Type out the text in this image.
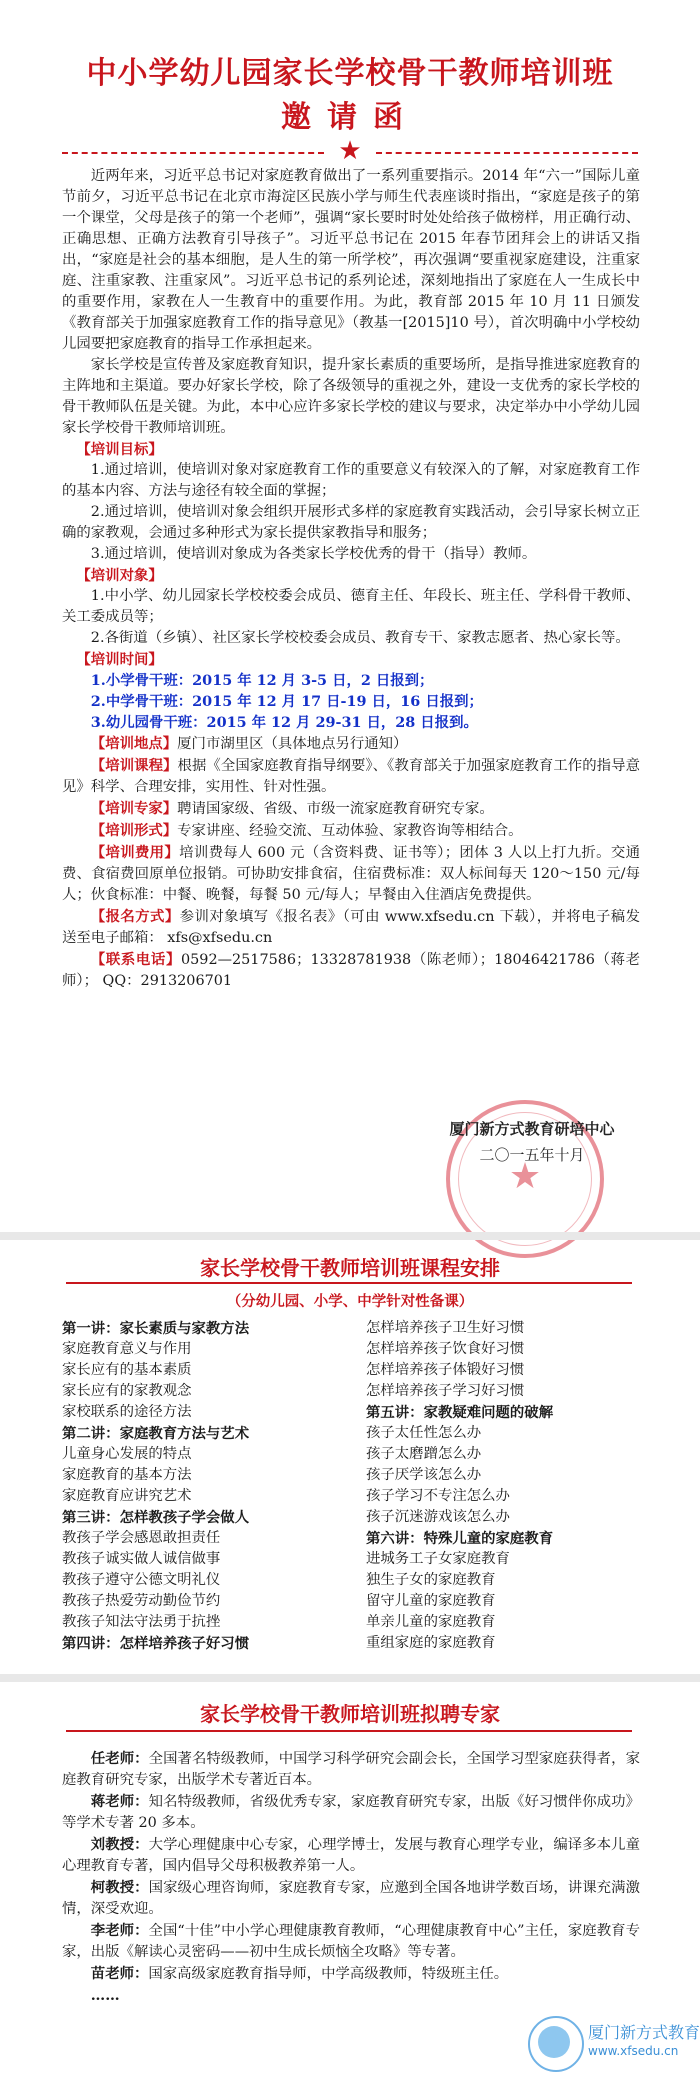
中小学幼儿园家长学校骨干教师培训班
邀请函
★

近两年来，习近平总书记对家庭教育做出了一系列重要指示。2014 年“六一”国际儿童节前夕，习近平总书记在北京市海淀区民族小学与师生代表座谈时指出，“家庭是孩子的第一个课堂，父母是孩子的第一个老师”，强调“家长要时时处处给孩子做榜样，用正确行动、正确思想、正确方法教育引导孩子”。习近平总书记在 2015 年春节团拜会上的讲话又指出，“家庭是社会的基本细胞，是人生的第一所学校”，再次强调“要重视家庭建设，注重家庭、注重家教、注重家风”。习近平总书记的系列论述，深刻地指出了家庭在人一生成长中的重要作用，家教在人一生教育中的重要作用。为此，教育部 2015 年 10 月 11 日颁发《教育部关于加强家庭教育工作的指导意见》（教基一[2015]10 号），首次明确中小学校幼儿园要把家庭教育的指导工作承担起来。

家长学校是宣传普及家庭教育知识，提升家长素质的重要场所，是指导推进家庭教育的主阵地和主渠道。要办好家长学校，除了各级领导的重视之外，建设一支优秀的家长学校的骨干教师队伍是关键。为此，本中心应许多家长学校的建议与要求，决定举办中小学幼儿园家长学校骨干教师培训班。

【培训目标】

1.通过培训，使培训对象对家庭教育工作的重要意义有较深入的了解，对家庭教育工作的基本内容、方法与途径有较全面的掌握；

2.通过培训，使培训对象会组织开展形式多样的家庭教育实践活动，会引导家长树立正确的家教观，会通过多种形式为家长提供家教指导和服务；

3.通过培训，使培训对象成为各类家长学校优秀的骨干（指导）教师。

【培训对象】

1.中小学、幼儿园家长学校校委会成员、德育主任、年段长、班主任、学科骨干教师、关工委成员等；

2.各街道（乡镇）、社区家长学校校委会成员、教育专干、家教志愿者、热心家长等。

【培训时间】

1.小学骨干班：2015 年 12 月 3-5 日，2 日报到；

2.中学骨干班：2015 年 12 月 17 日-19 日，16 日报到；

3.幼儿园骨干班：2015 年 12 月 29-31 日，28 日报到。

【培训地点】厦门市湖里区（具体地点另行通知）

【培训课程】根据《全国家庭教育指导纲要》、《教育部关于加强家庭教育工作的指导意见》科学、合理安排，实用性、针对性强。

【培训专家】聘请国家级、省级、市级一流家庭教育研究专家。

【培训形式】专家讲座、经验交流、互动体验、家教咨询等相结合。

【培训费用】培训费每人 600 元（含资料费、证书等）；团体 3 人以上打九折。交通费、食宿费回原单位报销。可协助安排食宿，住宿费标准：双人标间每天 120～150 元/每人；伙食标准：中餐、晚餐，每餐 50 元/每人；早餐由入住酒店免费提供。

【报名方式】参训对象填写《报名表》（可由 www.xfsedu.cn 下载），并将电子稿发送至电子邮箱： xfs@xfsedu.cn

【联系电话】0592—2517586；13328781938（陈老师）；18046421786（蒋老师）； QQ：2913206701

★
厦门新方式教育研培中心
二〇一五年十月
家长学校骨干教师培训班课程安排
（分幼儿园、小学、中学针对性备课）
第一讲：家长素质与家教方法
家庭教育意义与作用
家长应有的基本素质
家长应有的家教观念
家校联系的途径方法
第二讲：家庭教育方法与艺术
儿童身心发展的特点
家庭教育的基本方法
家庭教育应讲究艺术
第三讲：怎样教孩子学会做人
教孩子学会感恩敢担责任
教孩子诚实做人诚信做事
教孩子遵守公德文明礼仪
教孩子热爱劳动勤俭节约
教孩子知法守法勇于抗挫
第四讲：怎样培养孩子好习惯
怎样培养孩子卫生好习惯
怎样培养孩子饮食好习惯
怎样培养孩子体锻好习惯
怎样培养孩子学习好习惯
第五讲：家教疑难问题的破解
孩子太任性怎么办
孩子太磨蹭怎么办
孩子厌学该怎么办
孩子学习不专注怎么办
孩子沉迷游戏该怎么办
第六讲：特殊儿童的家庭教育
进城务工子女家庭教育
独生子女的家庭教育
留守儿童的家庭教育
单亲儿童的家庭教育
重组家庭的家庭教育
家长学校骨干教师培训班拟聘专家

任老师：全国著名特级教师，中国学习科学研究会副会长，全国学习型家庭获得者，家庭教育研究专家，出版学术专著近百本。

蒋老师：知名特级教师，省级优秀专家，家庭教育研究专家，出版《好习惯伴你成功》等学术专著 20 多本。

刘教授：大学心理健康中心专家，心理学博士，发展与教育心理学专业，编译多本儿童心理教育专著，国内倡导父母积极教养第一人。

柯教授：国家级心理咨询师，家庭教育专家，应邀到全国各地讲学数百场，讲课充满激情，深受欢迎。

李老师：全国“十佳”中小学心理健康教育教师，“心理健康教育中心”主任，家庭教育专家，出版《解读心灵密码——初中生成长烦恼全攻略》等专著。

苗老师：国家高级家庭教育指导师，中学高级教师，特级班主任。

……

厦门新方式教育
www.xfsedu.cn
